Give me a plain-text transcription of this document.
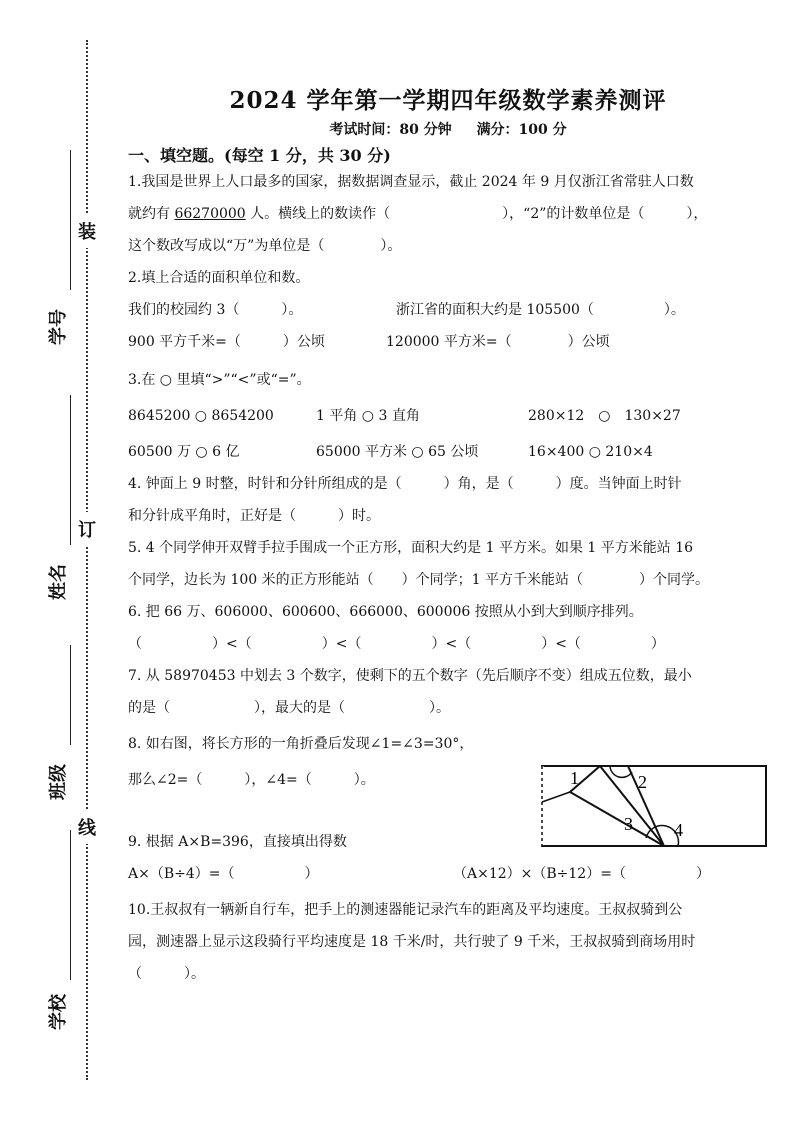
装
订
线
学号
姓名
班级
学校
2024 学年第一学期四年级数学素养测评
考试时间：80 分钟 满分：100 分
一、填空题。(每空 1 分，共 30 分)
1.我国是世界上人口最多的国家，据数据调查显示，截止 2024 年 9 月仅浙江省常驻人口数
就约有 66270000 人。横线上的数读作（　　　　　　　　），“2”的计数单位是（　　　），
这个数改写成以“万”为单位是（　　　　）。
2.填上合适的面积单位和数。
我们的校园约 3（　　　）。	浙江省的面积大约是 105500（　　　　　）。
900 平方千米=（　　　）公顷	120000 平方米=（　　　　）公顷
3.在 ○ 里填“>”“<”或“=”。
8645200 ○ 8654200	1 平角 ○ 3 直角	280×12　○　130×27
60500 万 ○ 6 亿	65000 平方米 ○ 65 公顷	16×400 ○ 210×4
4. 钟面上 9 时整，时针和分针所组成的是（　　　）角，是（　　　）度。当钟面上时针
和分针成平角时，正好是（　　　）时。
5. 4 个同学伸开双臂手拉手围成一个正方形，面积大约是 1 平方米。如果 1 平方米能站 16
个同学，边长为 100 米的正方形能站（　　）个同学；1 平方千米能站（　　　　）个同学。
6. 把 66 万、606000、600600、666000、600006 按照从小到大到顺序排列。
（　　　　　）<（　　　　　）<（　　　　　）<（　　　　　）<（　　　　　）
7. 从 58970453 中划去 3 个数字，使剩下的五个数字（先后顺序不变）组成五位数，最小
的是（　　　　　　），最大的是（　　　　　　）。
8. 如右图，将长方形的一角折叠后发现∠1=∠3=30°，
那么∠2=（　　　），∠4=（　　　）。
9. 根据 A×B=396，直接填出得数
A×（B÷4）=（　　　　　）	（A×12）×（B÷12）=（　　　　　）
10.王叔叔有一辆新自行车，把手上的测速器能记录汽车的距离及平均速度。王叔叔骑到公
园，测速器上显示这段骑行平均速度是 18 千米/时，共行驶了 9 千米，王叔叔骑到商场用时
（　　　）。
1	2
3 4
